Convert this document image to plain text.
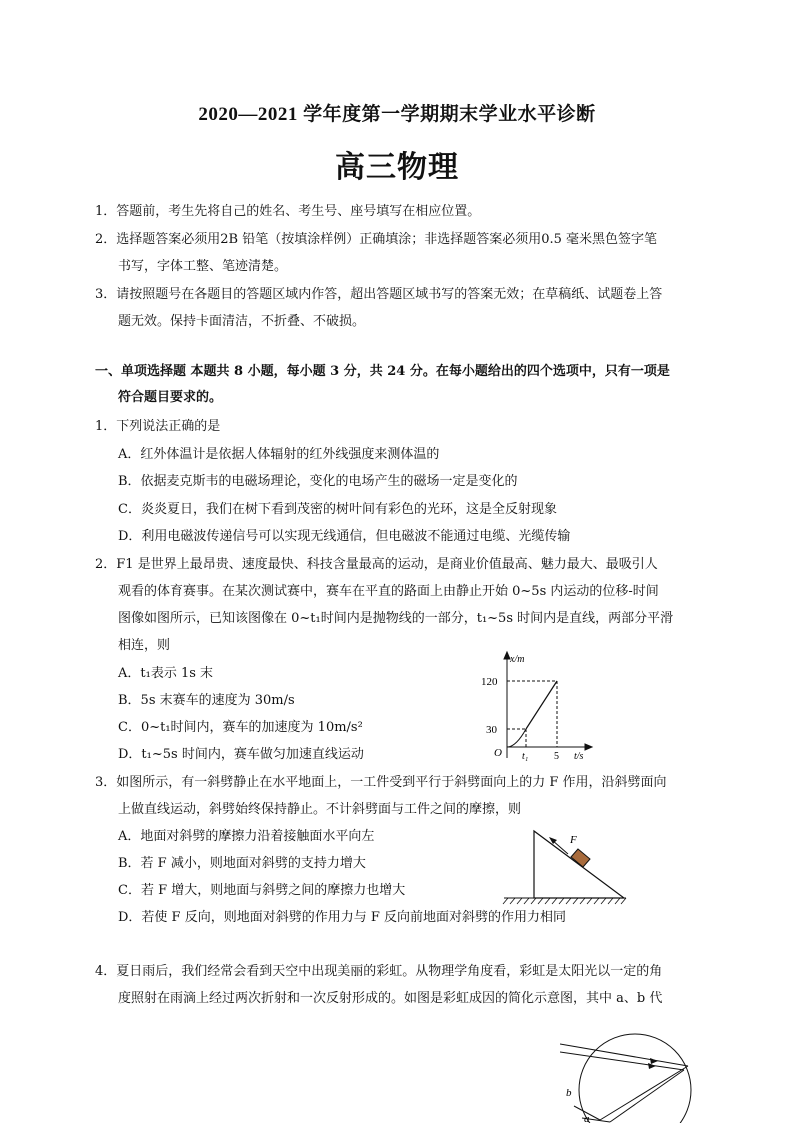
2020—2021 学年度第一学期期末学业水平诊断
高三物理
1．答题前，考生先将自己的姓名、考生号、座号填写在相应位置。
2．选择题答案必须用2B 铅笔（按填涂样例）正确填涂；非选择题答案必须用0.5 毫米黑色签字笔
书写，字体工整、笔迹清楚。
3．请按照题号在各题目的答题区域内作答，超出答题区域书写的答案无效；在草稿纸、试题卷上答
题无效。保持卡面清洁，不折叠、不破损。
一、单项选择题 本题共 8 小题，每小题 3 分，共 24 分。在每小题给出的四个选项中，只有一项是
符合题目要求的。
1．下列说法正确的是
A．红外体温计是依据人体辐射的红外线强度来测体温的
B．依据麦克斯韦的电磁场理论，变化的电场产生的磁场一定是变化的
C．炎炎夏日，我们在树下看到茂密的树叶间有彩色的光环，这是全反射现象
D．利用电磁波传递信号可以实现无线通信，但电磁波不能通过电缆、光缆传输
2．F1 是世界上最昂贵、速度最快、科技含量最高的运动，是商业价值最高、魅力最大、最吸引人
观看的体育赛事。在某次测试赛中，赛车在平直的路面上由静止开始 0~5s 内运动的位移-时间
图像如图所示，已知该图像在 0~t₁时间内是抛物线的一部分，t₁~5s 时间内是直线，两部分平滑
相连，则
A．t₁表示 1s 末
B．5s 末赛车的速度为 30m/s
C．0~t₁时间内，赛车的加速度为 10m/s²
D．t₁~5s 时间内，赛车做匀加速直线运动
x/m
120
30
O t₁	5 t/s
3．如图所示，有一斜劈静止在水平地面上，一工件受到平行于斜劈面向上的力 F 作用，沿斜劈面向
上做直线运动，斜劈始终保持静止。不计斜劈面与工件之间的摩擦，则
A．地面对斜劈的摩擦力沿着接触面水平向左
B．若 F 减小，则地面对斜劈的支持力增大
C．若 F 增大，则地面与斜劈之间的摩擦力也增大
D．若使 F 反向，则地面对斜劈的作用力与 F 反向前地面对斜劈的作用力相同
F
4．夏日雨后，我们经常会看到天空中出现美丽的彩虹。从物理学角度看，彩虹是太阳光以一定的角
度照射在雨滴上经过两次折射和一次反射形成的。如图是彩虹成因的简化示意图，其中 a、b 代
b
a
